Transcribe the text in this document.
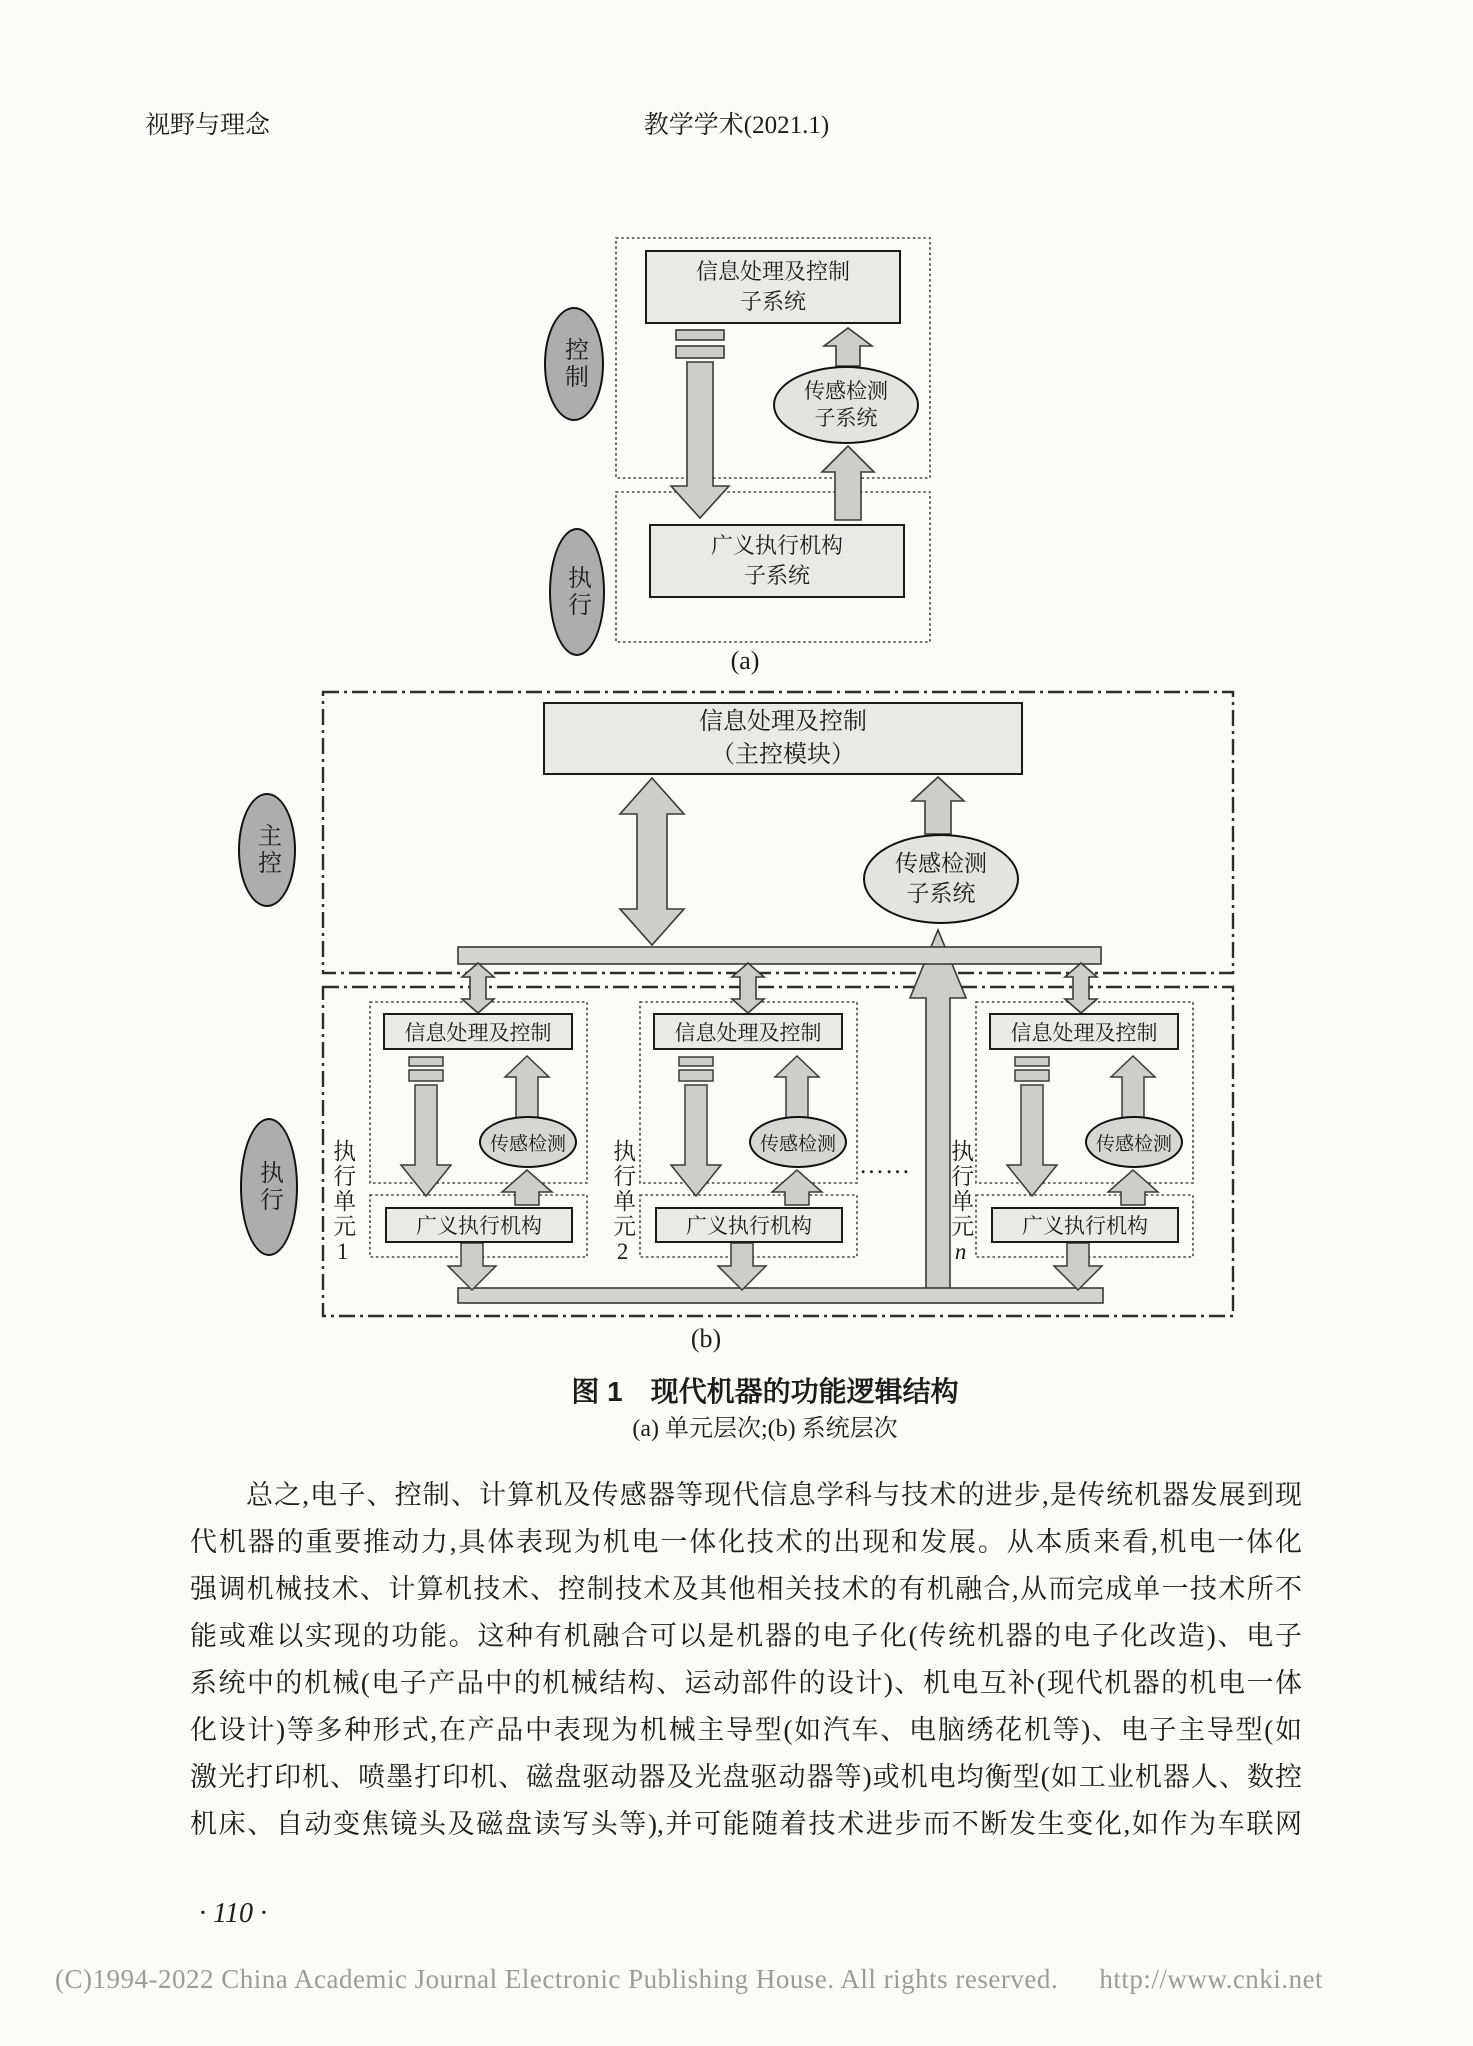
视野与理念	教学学术(2021.1)
信息处理及控制
子系统
控制	传感检测
子系统
执行
广义执行机构
子系统
(a)
信息处理及控制
（主控模块）
主控	传感检测
子系统
执行 执行单元
1
信息处理及控制
传感检测
广义执行机构	执行单元
2
信息处理及控制
传感检测
广义执行机构
……	执行单元
n
信息处理及控制
传感检测
广义执行机构
(b)
图 1　现代机器的功能逻辑结构
(a) 单元层次;(b) 系统层次
总之,电子、控制、计算机及传感器等现代信息学科与技术的进步,是传统机器发展到现
代机器的重要推动力,具体表现为机电一体化技术的出现和发展。从本质来看,机电一体化
强调机械技术、计算机技术、控制技术及其他相关技术的有机融合,从而完成单一技术所不
能或难以实现的功能。这种有机融合可以是机器的电子化(传统机器的电子化改造)、电子
系统中的机械(电子产品中的机械结构、运动部件的设计)、机电互补(现代机器的机电一体
化设计)等多种形式,在产品中表现为机械主导型(如汽车、电脑绣花机等)、电子主导型(如
激光打印机、喷墨打印机、磁盘驱动器及光盘驱动器等)或机电均衡型(如工业机器人、数控
机床、自动变焦镜头及磁盘读写头等),并可能随着技术进步而不断发生变化,如作为车联网
· 110 ·
(C)1994-2022 China Academic Journal Electronic Publishing House. All rights reserved. http://www.cnki.net
